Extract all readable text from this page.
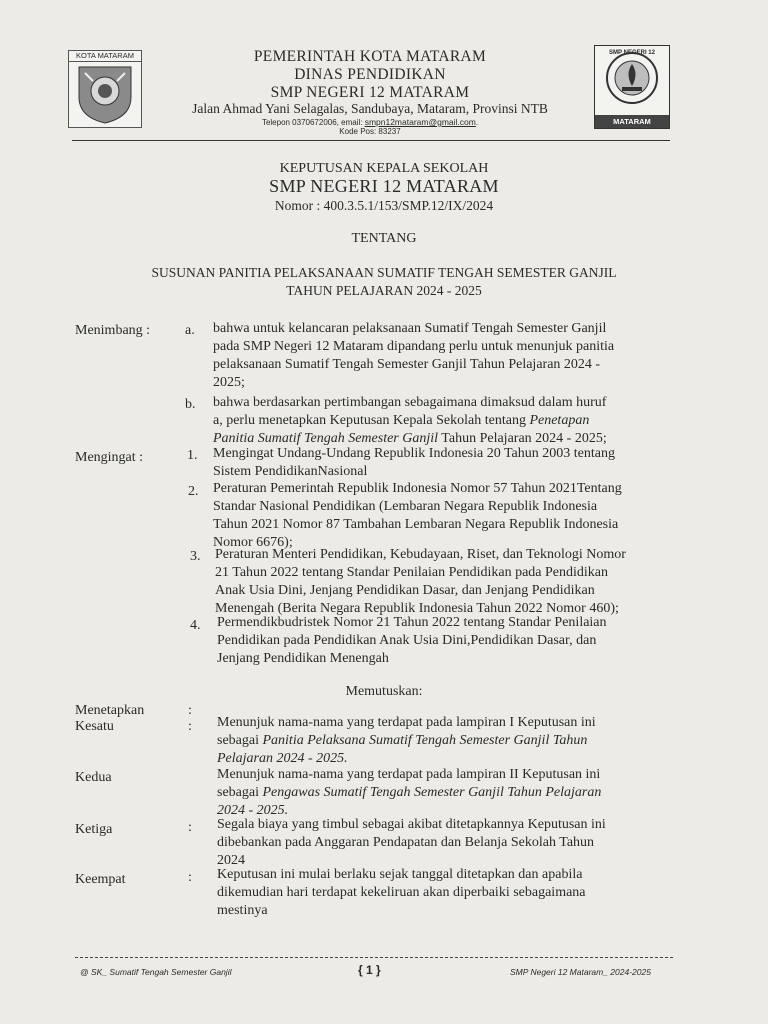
KOTA MATARAM	SMP NEGERI 12
MATARAM
PEMERINTAH KOTA MATARAM
DINAS PENDIDIKAN
SMP NEGERI 12 MATARAM
Jalan Ahmad Yani Selagalas, Sandubaya, Mataram, Provinsi NTB
Telepon 0370672006, email: smpn12mataram@gmail.com.
Kode Pos: 83237
KEPUTUSAN KEPALA SEKOLAH
SMP NEGERI 12 MATARAM
Nomor : 400.3.5.1/153/SMP.12/IX/2024
TENTANG
SUSUNAN PANITIA PELAKSANAAN SUMATIF TENGAH SEMESTER GANJIL
TAHUN PELAJARAN 2024 - 2025
Menimbang : a. bahwa untuk kelancaran pelaksanaan Sumatif Tengah Semester Ganjil
pada SMP Negeri 12 Mataram dipandang perlu untuk menunjuk panitia
pelaksanaan Sumatif Tengah Semester Ganjil Tahun Pelajaran 2024 -
2025;
b. bahwa berdasarkan pertimbangan sebagaimana dimaksud dalam huruf
a, perlu menetapkan Keputusan Kepala Sekolah tentang Penetapan
Panitia Sumatif Tengah Semester Ganjil Tahun Pelajaran 2024 - 2025;
Mengingat :	1. Mengingat Undang-Undang Republik Indonesia 20 Tahun 2003 tentang
Sistem PendidikanNasional
2. Peraturan Pemerintah Republik Indonesia Nomor 57 Tahun 2021Tentang
Standar Nasional Pendidikan (Lembaran Negara Republik Indonesia
Tahun 2021 Nomor 87 Tambahan Lembaran Negara Republik Indonesia
Nomor 6676);
3. Peraturan Menteri Pendidikan, Kebudayaan, Riset, dan Teknologi Nomor
21 Tahun 2022 tentang Standar Penilaian Pendidikan pada Pendidikan
Anak Usia Dini, Jenjang Pendidikan Dasar, dan Jenjang Pendidikan
Menengah (Berita Negara Republik Indonesia Tahun 2022 Nomor 460);
4. Permendikbudristek Nomor 21 Tahun 2022 tentang Standar Penilaian
Pendidikan pada Pendidikan Anak Usia Dini,Pendidikan Dasar, dan
Jenjang Pendidikan Menengah
Memutuskan:
Menetapkan	:
Kesatu	: Menunjuk nama-nama yang terdapat pada lampiran I Keputusan ini
sebagai Panitia Pelaksana Sumatif Tengah Semester Ganjil Tahun
Pelajaran 2024 - 2025.
Kedua	Menunjuk nama-nama yang terdapat pada lampiran II Keputusan ini
sebagai Pengawas Sumatif Tengah Semester Ganjil Tahun Pelajaran
2024 - 2025.
Ketiga	: Segala biaya yang timbul sebagai akibat ditetapkannya Keputusan ini
dibebankan pada Anggaran Pendapatan dan Belanja Sekolah Tahun
2024
Keempat	: Keputusan ini mulai berlaku sejak tanggal ditetapkan dan apabila
dikemudian hari terdapat kekeliruan akan diperbaiki sebagaimana
mestinya
@ SK_ Sumatif Tengah Semester Ganjil	{ 1 }	SMP Negeri 12 Mataram_ 2024-2025
